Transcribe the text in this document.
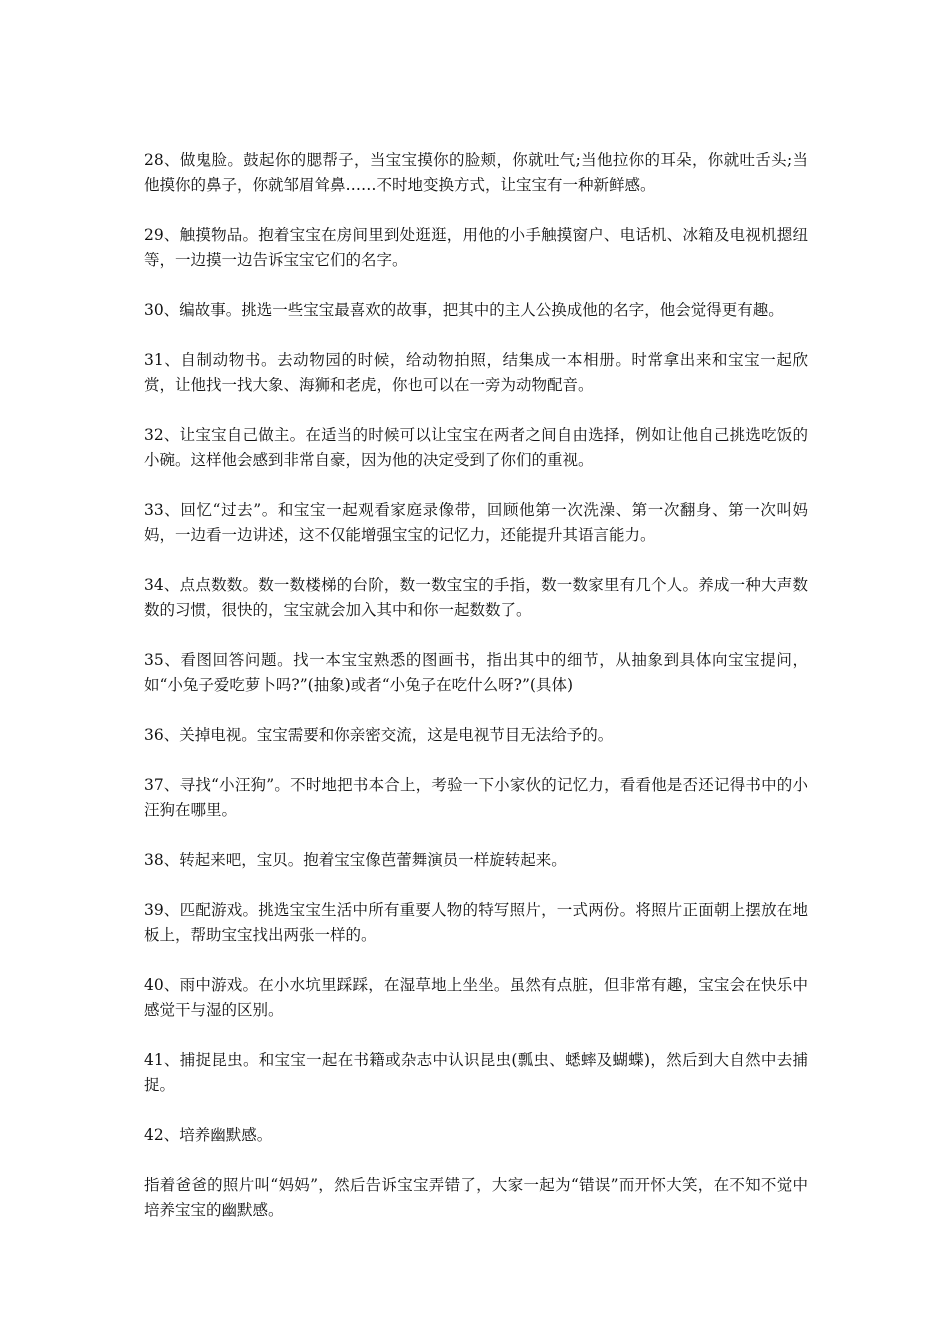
28、做鬼脸。鼓起你的腮帮子，当宝宝摸你的脸颊，你就吐气;当他拉你的耳朵，你就吐舌头;当他摸你的鼻子，你就邹眉耸鼻……不时地变换方式，让宝宝有一种新鲜感。

29、触摸物品。抱着宝宝在房间里到处逛逛，用他的小手触摸窗户、电话机、冰箱及电视机摁纽等，一边摸一边告诉宝宝它们的名字。

30、编故事。挑选一些宝宝最喜欢的故事，把其中的主人公换成他的名字，他会觉得更有趣。

31、自制动物书。去动物园的时候，给动物拍照，结集成一本相册。时常拿出来和宝宝一起欣赏，让他找一找大象、海狮和老虎，你也可以在一旁为动物配音。

32、让宝宝自己做主。在适当的时候可以让宝宝在两者之间自由选择，例如让他自己挑选吃饭的小碗。这样他会感到非常自豪，因为他的决定受到了你们的重视。

33、回忆“过去”。和宝宝一起观看家庭录像带，回顾他第一次洗澡、第一次翻身、第一次叫妈妈，一边看一边讲述，这不仅能增强宝宝的记忆力，还能提升其语言能力。

34、点点数数。数一数楼梯的台阶，数一数宝宝的手指，数一数家里有几个人。养成一种大声数数的习惯，很快的，宝宝就会加入其中和你一起数数了。

35、看图回答问题。找一本宝宝熟悉的图画书，指出其中的细节，从抽象到具体向宝宝提问，如“小兔子爱吃萝卜吗?”(抽象)或者“小兔子在吃什么呀?”(具体)

36、关掉电视。宝宝需要和你亲密交流，这是电视节目无法给予的。

37、寻找“小汪狗”。不时地把书本合上，考验一下小家伙的记忆力，看看他是否还记得书中的小汪狗在哪里。

38、转起来吧，宝贝。抱着宝宝像芭蕾舞演员一样旋转起来。

39、匹配游戏。挑选宝宝生活中所有重要人物的特写照片，一式两份。将照片正面朝上摆放在地板上，帮助宝宝找出两张一样的。

40、雨中游戏。在小水坑里踩踩，在湿草地上坐坐。虽然有点脏，但非常有趣，宝宝会在快乐中感觉干与湿的区别。

41、捕捉昆虫。和宝宝一起在书籍或杂志中认识昆虫(瓢虫、蟋蟀及蝴蝶)，然后到大自然中去捕捉。

42、培养幽默感。

指着爸爸的照片叫“妈妈”，然后告诉宝宝弄错了，大家一起为“错误”而开怀大笑，在不知不觉中培养宝宝的幽默感。
